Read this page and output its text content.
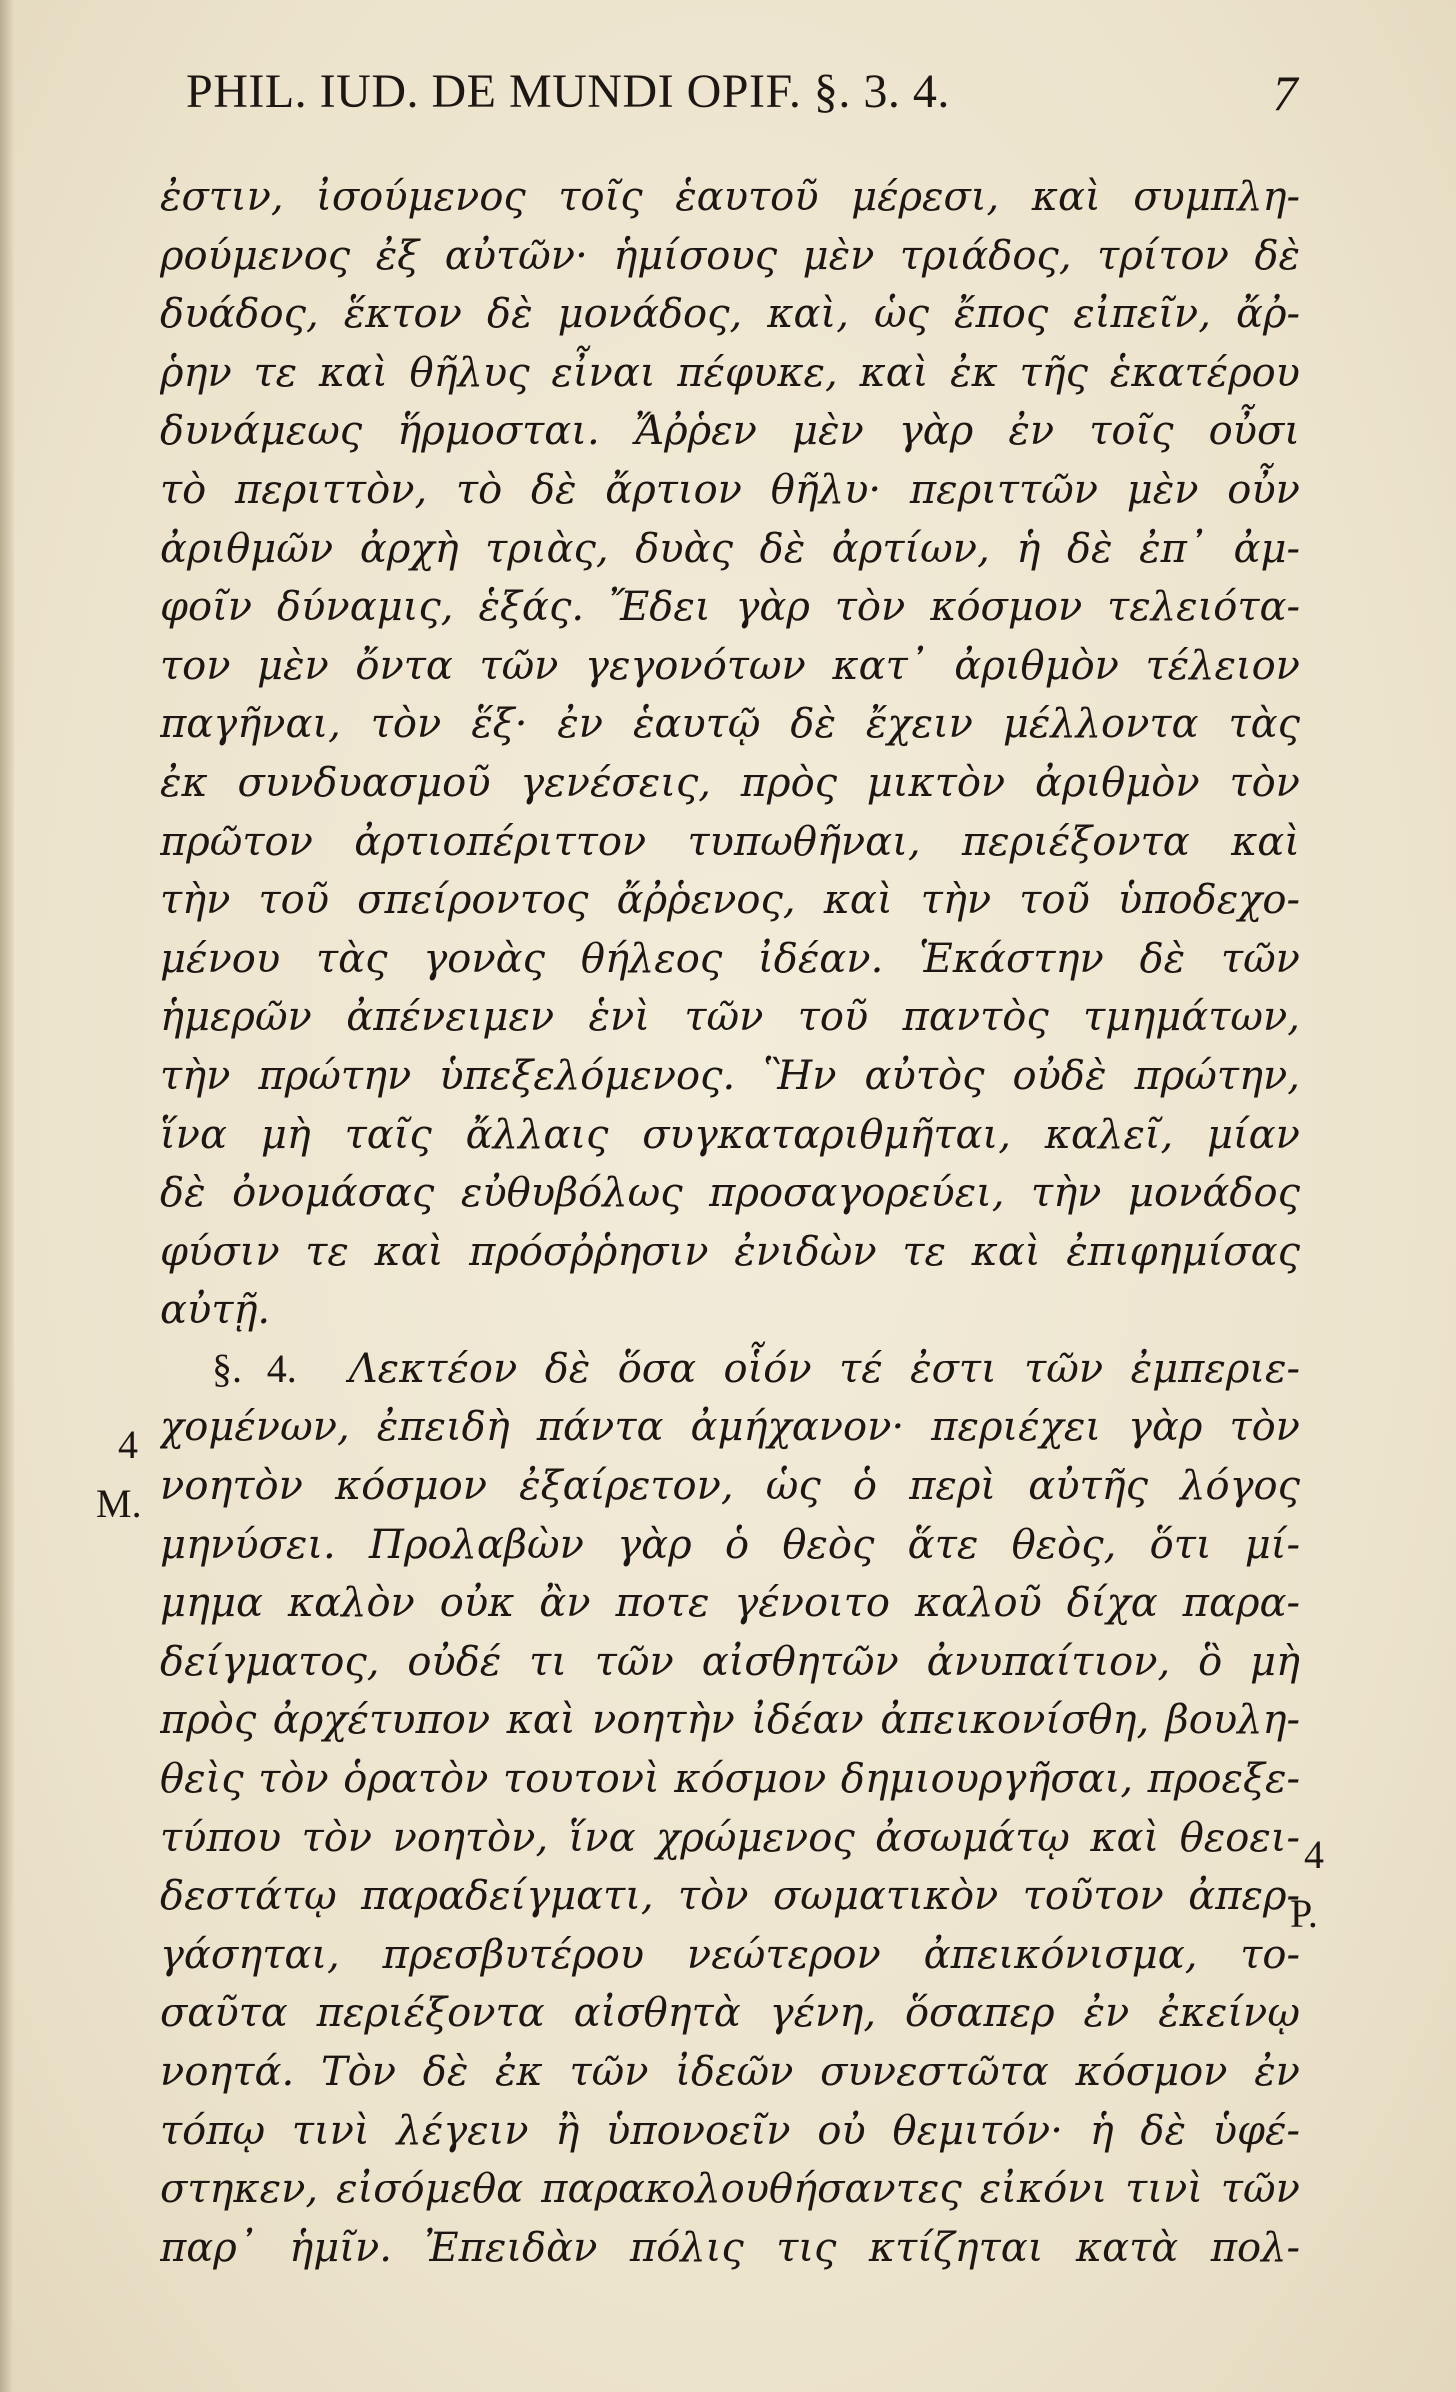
PHIL. IUD. DE MUNDI OPIF. §. 3. 4.	7
ἐστιν, ἰσούμενος τοῖς ἑαυτοῦ μέρεσι, καὶ συμπλη-
ρούμενος ἐξ αὐτῶν· ἡμίσους μὲν τριάδος, τρίτον δὲ
δυάδος, ἕκτον δὲ μονάδος, καὶ, ὡς ἔπος εἰπεῖν, ἄῤ-
ῥην τε καὶ θῆλυς εἶναι πέφυκε, καὶ ἐκ τῆς ἑκατέρου
δυνάμεως ἥρμοσται. Ἄῤῥεν μὲν γὰρ ἐν τοῖς οὖσι
τὸ περιττὸν, τὸ δὲ ἄρτιον θῆλυ· περιττῶν μὲν οὖν
ἀριθμῶν ἀρχὴ τριὰς, δυὰς δὲ ἀρτίων, ἡ δὲ ἐπ᾽ ἀμ-
φοῖν δύναμις, ἑξάς. Ἔδει γὰρ τὸν κόσμον τελειότα-
τον μὲν ὄντα τῶν γεγονότων κατ᾽ ἀριθμὸν τέλειον
παγῆναι, τὸν ἕξ· ἐν ἑαυτῷ δὲ ἔχειν μέλλοντα τὰς
ἐκ συνδυασμοῦ γενέσεις, πρὸς μικτὸν ἀριθμὸν τὸν
πρῶτον ἀρτιοπέριττον τυπωθῆναι, περιέξοντα καὶ
τὴν τοῦ σπείροντος ἄῤῥενος, καὶ τὴν τοῦ ὑποδεχο-
μένου τὰς γονὰς θήλεος ἰδέαν. Ἑκάστην δὲ τῶν
ἡμερῶν ἀπένειμεν ἑνὶ τῶν τοῦ παντὸς τμημάτων,
τὴν πρώτην ὑπεξελόμενος. Ἣν αὐτὸς οὐδὲ πρώτην,
ἵνα μὴ ταῖς ἄλλαις συγκαταριθμῆται, καλεῖ, μίαν
δὲ ὀνομάσας εὐθυβόλως προσαγορεύει, τὴν μονάδος
φύσιν τε καὶ πρόσῤῥησιν ἐνιδὼν τε καὶ ἐπιφημίσας
αὐτῇ.
§. 4. Λεκτέον δὲ ὅσα οἷόν τέ ἐστι τῶν ἐμπεριε-
χομένων, ἐπειδὴ πάντα ἀμήχανον· περιέχει γὰρ τὸν
νοητὸν κόσμον ἐξαίρετον, ὡς ὁ περὶ αὐτῆς λόγος
μηνύσει. Προλαβὼν γὰρ ὁ θεὸς ἅτε θεὸς, ὅτι μί-
μημα καλὸν οὐκ ἂν ποτε γένοιτο καλοῦ δίχα παρα-
δείγματος, οὐδέ τι τῶν αἰσθητῶν ἀνυπαίτιον, ὃ μὴ
πρὸς ἀρχέτυπον καὶ νοητὴν ἰδέαν ἀπεικονίσθη, βουλη-
θεὶς τὸν ὁρατὸν τουτονὶ κόσμον δημιουργῆσαι, προεξε-
τύπου τὸν νοητὸν, ἵνα χρώμενος ἀσωμάτῳ καὶ θεοει-
δεστάτῳ παραδείγματι, τὸν σωματικὸν τοῦτον ἀπερ-
γάσηται, πρεσβυτέρου νεώτερον ἀπεικόνισμα, το-
σαῦτα περιέξοντα αἰσθητὰ γένη, ὅσαπερ ἐν ἐκείνῳ
νοητά. Τὸν δὲ ἐκ τῶν ἰδεῶν συνεστῶτα κόσμον ἐν
τόπῳ τινὶ λέγειν ἢ ὑπονοεῖν οὐ θεμιτόν· ἡ δὲ ὑφέ-
στηκεν, εἰσόμεθα παρακολουθήσαντες εἰκόνι τινὶ τῶν
παρ᾽ ἡμῖν. Ἐπειδὰν πόλις τις κτίζηται κατὰ πολ-
4
M.
4
P.
